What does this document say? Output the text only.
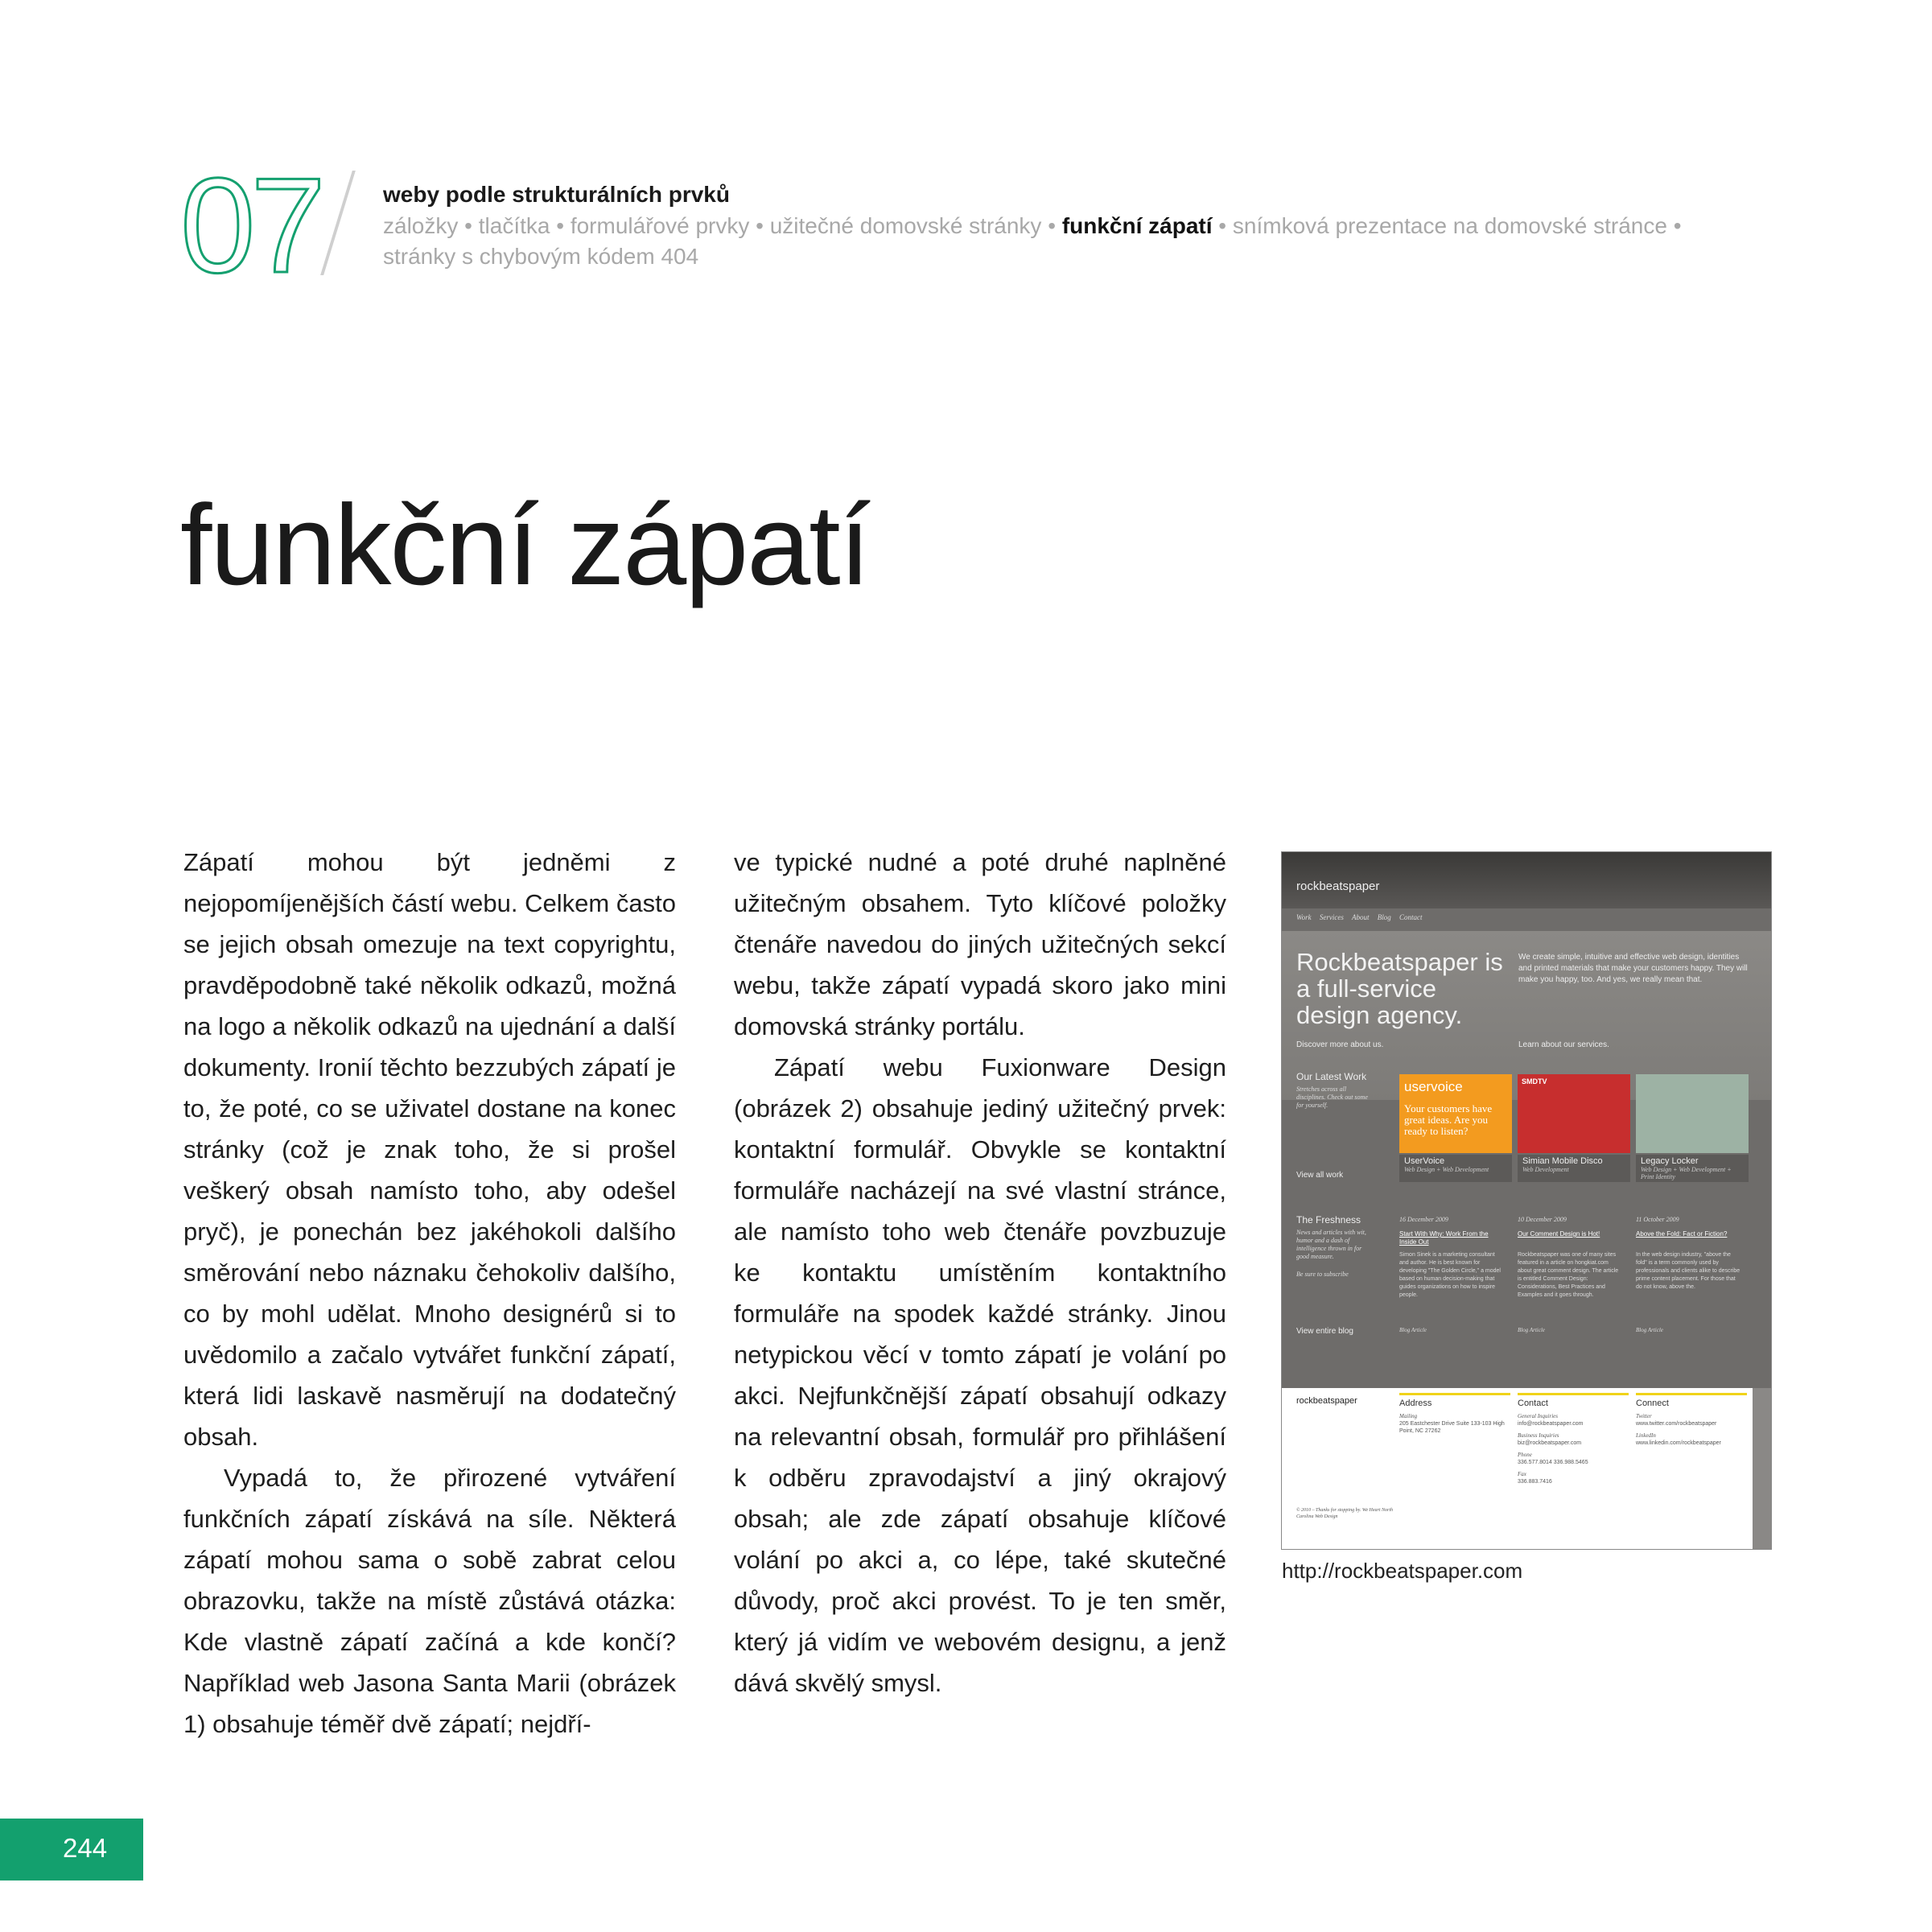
07	weby podle strukturálních prvků
záložky • tlačítka • formulářové prvky • užitečné domovské stránky • funkční zápatí • snímková prezentace na domovské stránce • stránky s chybovým kódem 404
funkční zápatí

Zápatí mohou být jedněmi z nejopomíjenějších částí webu. Celkem často se jejich obsah omezuje na text copyrightu, pravděpodobně také několik odkazů, možná na logo a několik odkazů na ujednání a další dokumenty. Ironií těchto bezzubých zápatí je to, že poté, co se uživatel dostane na konec stránky (což je znak toho, že si prošel veškerý obsah namísto toho, aby odešel pryč), je ponechán bez jakéhokoli dalšího směrování nebo náznaku čehokoliv dalšího, co by mohl udělat. Mnoho designérů si to uvědomilo a začalo vytvářet funkční zápatí, která lidi laskavě nasměrují na dodatečný obsah.

Vypadá to, že přirozené vytváření funkčních zápatí získává na síle. Některá zápatí mohou sama o sobě zabrat celou obrazovku, takže na místě zůstává otázka: Kde vlastně zápatí začíná a kde končí? Například web Jasona Santa Marii (obrázek 1) obsahuje téměř dvě zápatí; nejdří-

ve typické nudné a poté druhé naplněné užitečným obsahem. Tyto klíčové položky čtenáře navedou do jiných užitečných sekcí webu, takže zápatí vypadá skoro jako mini domovská stránky portálu.

Zápatí webu Fuxionware Design (obrázek 2) obsahuje jediný užitečný prvek: kontaktní formulář. Obvykle se kontaktní formuláře nacházejí na své vlastní stránce, ale namísto toho web čtenáře povzbuzuje ke kontaktu umístěním kontaktního formuláře na spodek každé stránky. Jinou netypickou věcí v tomto zápatí je volání po akci. Nejfunkčnější zápatí obsahují odkazy na relevantní obsah, formulář pro přihlášení k odběru zpravodajství a jiný okrajový obsah; ale zde zápatí obsahuje klíčové volání po akci a, co lépe, také skutečné důvody, proč akci provést. To je ten směr, který já vidím ve webovém designu, a jenž dává skvělý smysl.

rockbeatspaper
Work Services About Blog Contact
Rockbeatspaper is a full-service design agency.
We create simple, intuitive and effective web design, identities and printed materials that make your customers happy. They will make you happy, too. And yes, we really mean that.
Discover more about us.	Learn about our services.
Our Latest Work
Stretches across all disciplines. Check out some for yourself.
View all work
uservoice
Your customers have great ideas. Are you ready to listen?
SMDTV
UserVoice
Web Design + Web Development
Simian Mobile Disco
Web Development
Legacy Locker
Web Design + Web Development + Print Identity
The Freshness
News and articles with wit, humor and a dash of intelligence thrown in for good measure.
Be sure to subscribe
View entire blog
16 December 2009
Start With Why: Work From the Inside Out
Simon Sinek is a marketing consultant and author. He is best known for developing "The Golden Circle," a model based on human decision-making that guides organizations on how to inspire people.
Blog Article
10 December 2009
Our Comment Design is Hot!
Rockbeatspaper was one of many sites featured in a article on hongkiat.com about great comment design. The article is entitled Comment Design: Considerations, Best Practices and Examples and it goes through.
Blog Article
11 October 2009
Above the Fold: Fact or Fiction?
In the web design industry, "above the fold" is a term commonly used by professionals and clients alike to describe prime content placement. For those that do not know, above the.
Blog Article
rockbeatspaper
© 2010 – Thanks for stopping by. We Heart North Carolina Web Design
Address
Mailing
205 Eastchester Drive Suite 133-103 High Point, NC 27262
Contact
General Inquiries
info@rockbeatspaper.com
Business Inquiries
biz@rockbeatspaper.com
Phone
336.577.8014 336.988.5465
Fax
336.883.7416
Connect
Twitter
www.twitter.com/rockbeatspaper
LinkedIn
www.linkedin.com/rockbeatspaper
http://rockbeatspaper.com
244
